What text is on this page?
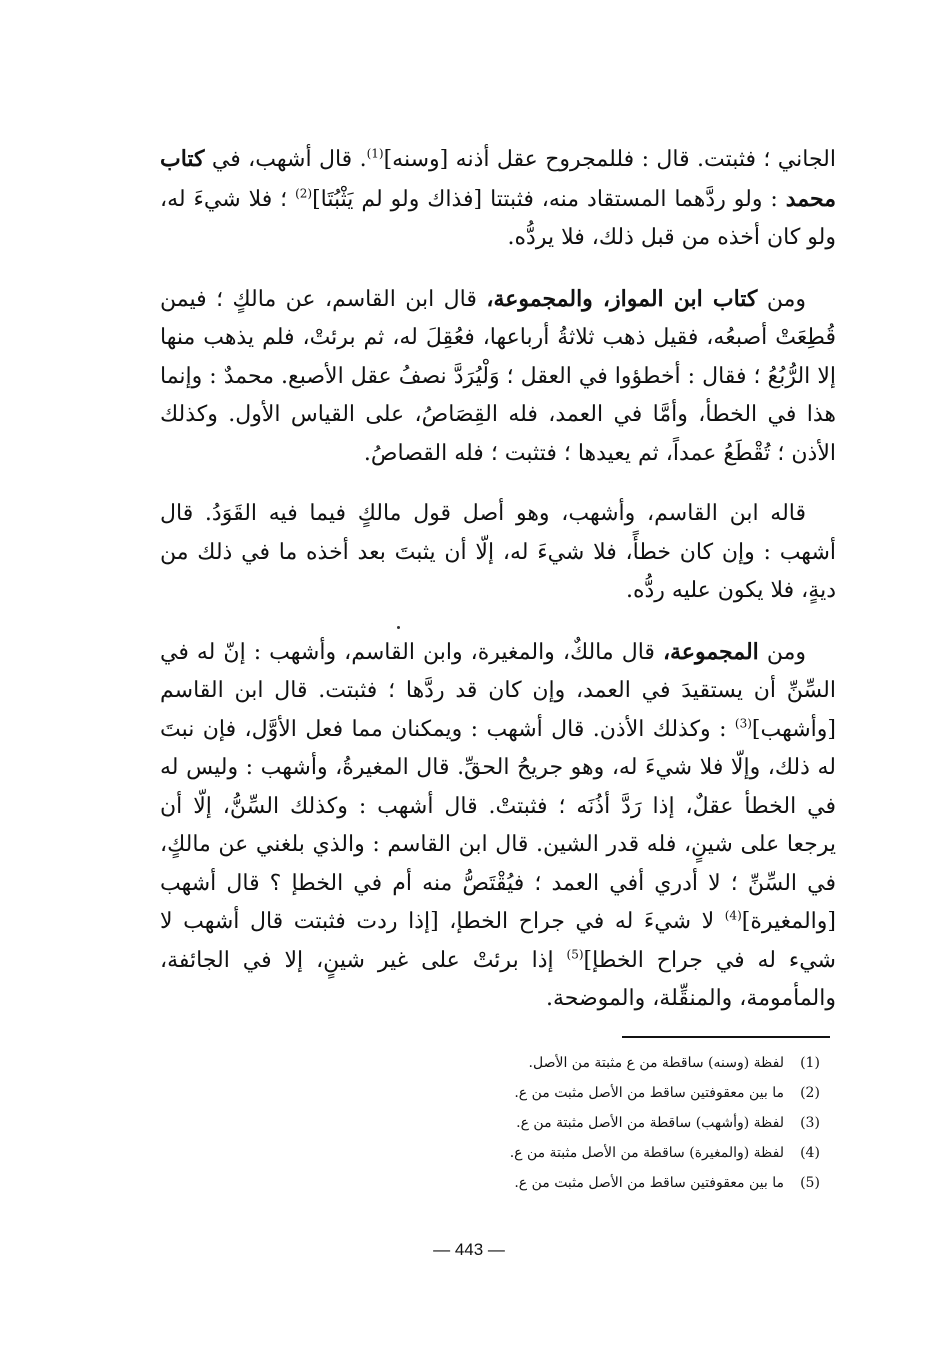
الجاني ؛ فثبتت. قال : فللمجروح عقل أذنه [وسنه]$^{(1)}$. قال أشهب، في كتاب محمد : ولو ردَّهما المستقاد منه، فثبتتا [فذاك ولو لم يَثْبُتَا]$^{(2)}$ ؛ فلا شيءَ له، ولو كان أخذه من قبل ذلك، فلا يردُّه.

ومن كتاب ابن المواز، والمجموعة، قال ابن القاسم، عن مالكٍ ؛ فيمن قُطِعَتْ أصبعُه، فقيل ذهب ثلاثةُ أرباعها، فعُقِلَ له، ثم برئتْ، فلم يذهب منها إلا الرُّبُعُ ؛ فقال : أخطؤوا في العقل ؛ وَلْيُرَدَّ نصفُ عقل الأصبع. محمدٌ : وإنما هذا في الخطأ، وأمَّا في العمد، فله القِصَاصُ، على القياس الأول. وكذلك الأذن ؛ تُقْطَعُ عمداً، ثم يعيدها ؛ فتثبت ؛ فله القصاصُ.

قاله ابن القاسم، وأشهب، وهو أصل قول مالكٍ فيما فيه القَوَدُ. قال أشهب : وإن كان خطأً، فلا شيءَ له، إلّا أن يثبتَ بعد أخذه ما في ذلك من ديةٍ، فلا يكون عليه ردُّه.

ومن المجموعة، قال مالكٌ، والمغيرة، وابن القاسم، وأشهب : إنّ له في السِّنِّ أن يستقيدَ في العمد، وإن كان قد ردَّها ؛ فثبتت. قال ابن القاسم [وأشهب]$^{(3)}$ : وكذلك الأذن. قال أشهب : ويمكنان مما فعل الأوَّل، فإن نبتَ له ذلك، وإلّا فلا شيءَ له، وهو جريحُ الحقِّ. قال المغيرةُ، وأشهب : وليس له في الخطأ عقلٌ، إذا رَدَّ أذُنَه ؛ فثبتتْ. قال أشهب : وكذلك السِّنُّ، إلّا أن يرجعا على شينٍ، فله قدر الشين. قال ابن القاسم : والذي بلغني عن مالكٍ، في السِّنِّ ؛ لا أدري أفي العمد ؛ فيُقْتَصُّ منه أم في الخطإ ؟ قال أشهب [والمغيرة]$^{(4)}$ لا شيءَ له في جراح الخطإ، [إذا ردت فثبتت قال أشهب لا شيء له في جراح الخطإ]$^{(5)}$ إذا برئتْ على غير شينٍ، إلا في الجائفة، والمأمومة، والمنقِّلة، والموضحة.

(1)
لفظة (وسنه) ساقطة من ع مثبتة من الأصل.
(2)
ما بين معقوفتين ساقط من الأصل مثبت من ع.
(3)
لفظة (وأشهب) ساقطة من الأصل مثبتة من ع.
(4)
لفظة (والمغيرة) ساقطة من الأصل مثبتة من ع.
(5)
ما بين معقوفتين ساقط من الأصل مثبت من ع.
— 443 —
